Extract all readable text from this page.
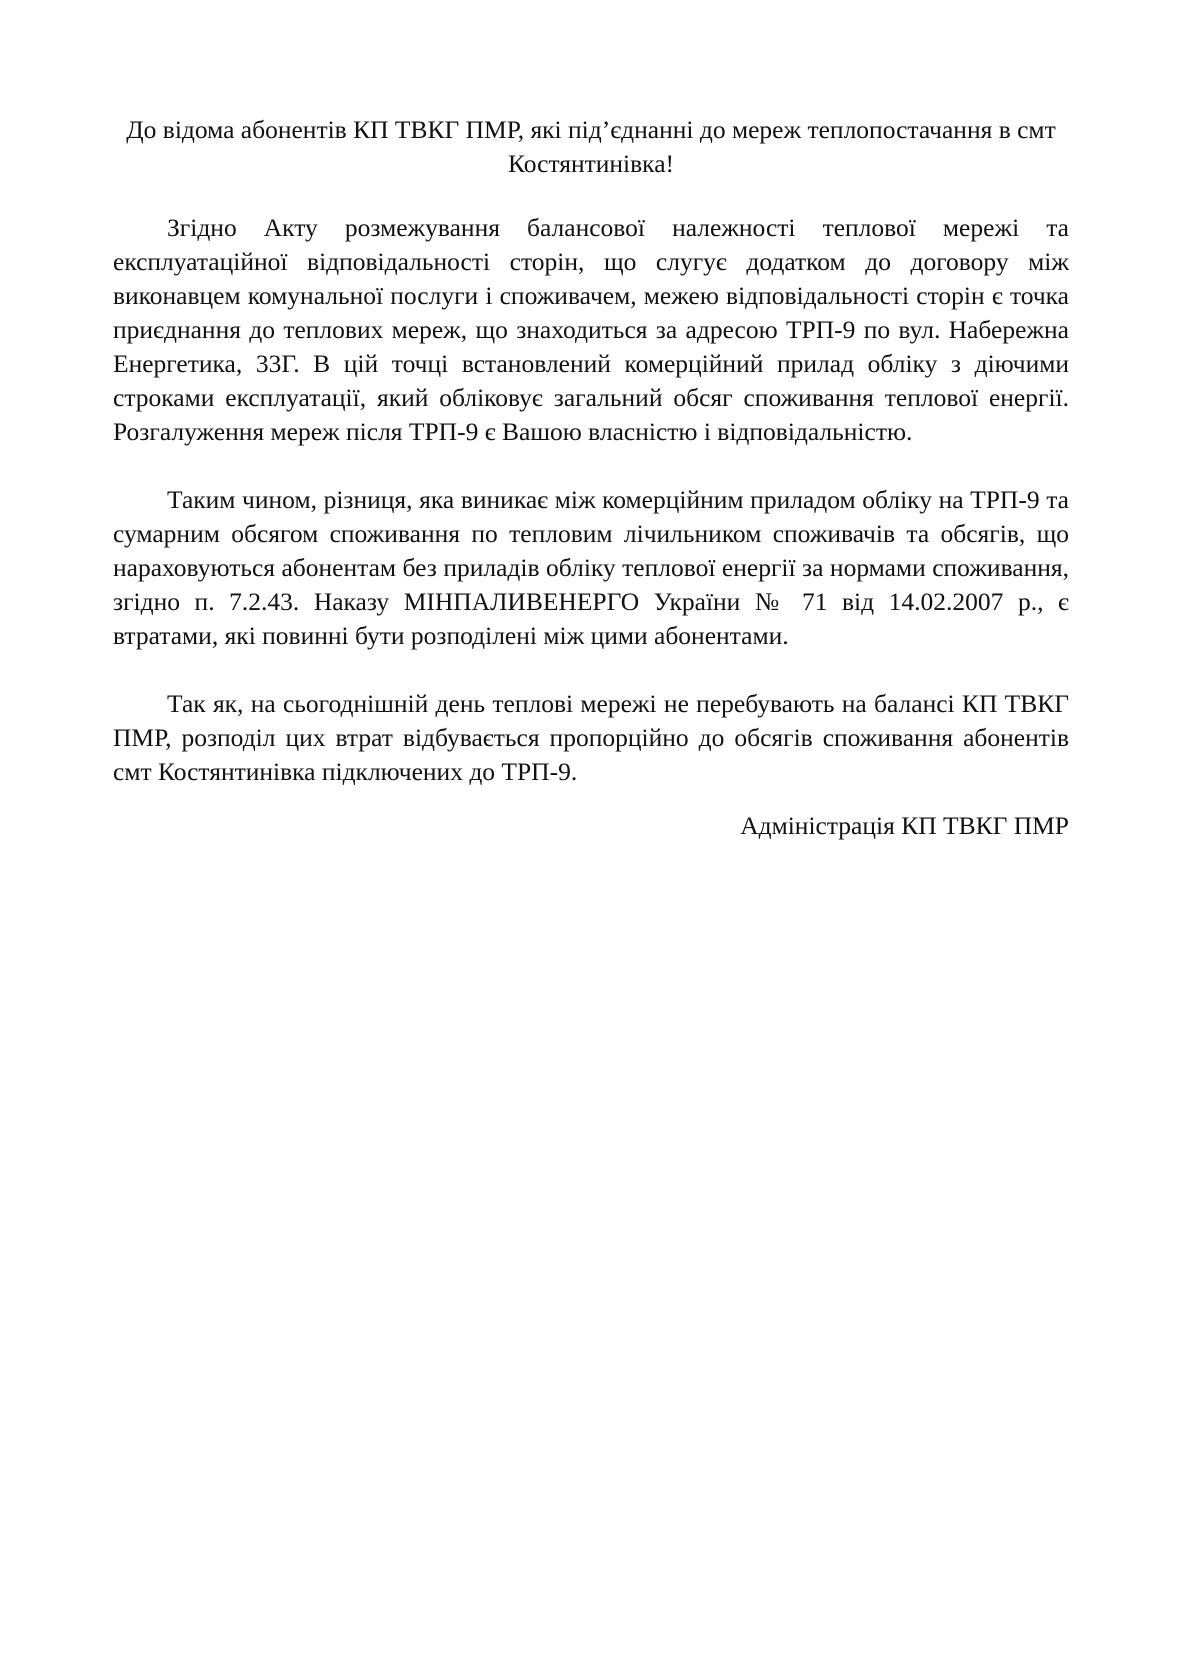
До відома абонентів КП ТВКГ ПМР, які під’єднанні до мереж теплопостачання в смт Костянтинівка!

Згідно Акту розмежування балансової належності теплової мережі та експлуатаційної відповідальності сторін, що слугує додатком до договору між виконавцем комунальної послуги і споживачем, межею відповідальності сторін є точка приєднання до теплових мереж, що знаходиться за адресою ТРП-9 по вул. Набережна Енергетика, 33Г. В цій точці встановлений комерційний прилад обліку з діючими строками експлуатації, який обліковує загальний обсяг споживання теплової енергії. Розгалуження мереж після ТРП-9 є Вашою власністю і відповідальністю.

Таким чином, різниця, яка виникає між комерційним приладом обліку на ТРП-9 та сумарним обсягом споживання по тепловим лічильником споживачів та обсягів, що нараховуються абонентам без приладів обліку теплової енергії за нормами споживання, згідно п. 7.2.43. Наказу МІНПАЛИВЕНЕРГО України № 71 від 14.02.2007 р., є втратами, які повинні бути розподілені між цими абонентами.

Так як, на сьогоднішній день теплові мережі не перебувають на балансі КП ТВКГ ПМР, розподіл цих втрат відбувається пропорційно до обсягів споживання абонентів смт Костянтинівка підключених до ТРП-9.

Адміністрація КП ТВКГ ПМР
